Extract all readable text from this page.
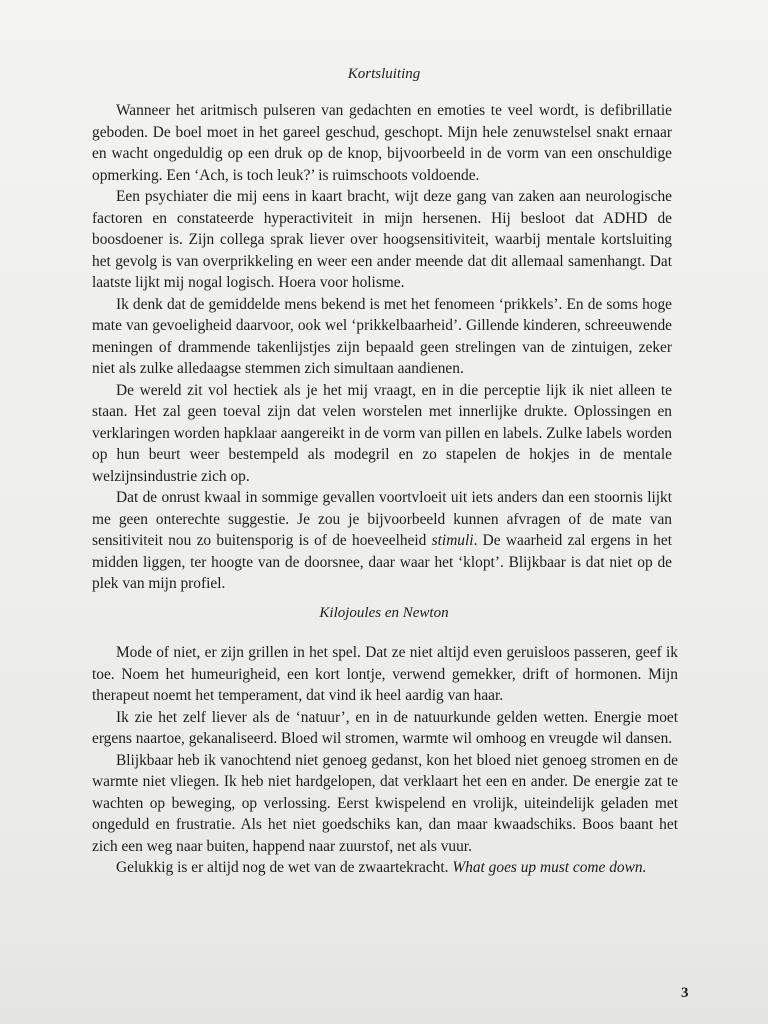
Kortsluiting

Wanneer het aritmisch pulseren van gedachten en emoties te veel wordt, is defibrillatie geboden. De boel moet in het gareel geschud, geschopt. Mijn hele zenuwstelsel snakt ernaar en wacht ongeduldig op een druk op de knop, bijvoorbeeld in de vorm van een onschuldige opmerking. Een ‘Ach, is toch leuk?’ is ruimschoots voldoende.

Een psychiater die mij eens in kaart bracht, wijt deze gang van zaken aan neurologische factoren en constateerde hyperactiviteit in mijn hersenen. Hij besloot dat ADHD de boosdoener is. Zijn collega sprak liever over hoogsensitiviteit, waarbij mentale kortsluiting het gevolg is van overprikkeling en weer een ander meende dat dit allemaal samenhangt. Dat laatste lijkt mij nogal logisch. Hoera voor holisme.

Ik denk dat de gemiddelde mens bekend is met het fenomeen ‘prikkels’. En de soms hoge mate van gevoeligheid daarvoor, ook wel ‘prikkelbaarheid’. Gillende kinderen, schreeuwende meningen of drammende takenlijstjes zijn bepaald geen strelingen van de zintuigen, zeker niet als zulke alledaagse stemmen zich simultaan aandienen.

De wereld zit vol hectiek als je het mij vraagt, en in die perceptie lijk ik niet alleen te staan. Het zal geen toeval zijn dat velen worstelen met innerlijke drukte. Oplossingen en verklaringen worden hapklaar aangereikt in de vorm van pillen en labels. Zulke labels worden op hun beurt weer bestempeld als modegril en zo stapelen de hokjes in de mentale welzijnsindustrie zich op.

Dat de onrust kwaal in sommige gevallen voortvloeit uit iets anders dan een stoornis lijkt me geen onterechte suggestie. Je zou je bijvoorbeeld kunnen afvragen of de mate van sensitiviteit nou zo buitensporig is of de hoeveelheid stimuli. De waarheid zal ergens in het midden liggen, ter hoogte van de doorsnee, daar waar het ‘klopt’. Blijkbaar is dat niet op de plek van mijn profiel.

Kilojoules en Newton

Mode of niet, er zijn grillen in het spel. Dat ze niet altijd even geruisloos passeren, geef ik toe. Noem het humeurigheid, een kort lontje, verwend gemekker, drift of hormonen. Mijn therapeut noemt het temperament, dat vind ik heel aardig van haar.

Ik zie het zelf liever als de ‘natuur’, en in de natuurkunde gelden wetten. Energie moet ergens naartoe, gekanaliseerd. Bloed wil stromen, warmte wil omhoog en vreugde wil dansen.

Blijkbaar heb ik vanochtend niet genoeg gedanst, kon het bloed niet genoeg stromen en de warmte niet vliegen. Ik heb niet hardgelopen, dat verklaart het een en ander. De energie zat te wachten op beweging, op verlossing. Eerst kwispelend en vrolijk, uiteindelijk geladen met ongeduld en frustratie. Als het niet goedschiks kan, dan maar kwaadschiks. Boos baant het zich een weg naar buiten, happend naar zuurstof, net als vuur.

Gelukkig is er altijd nog de wet van de zwaartekracht. What goes up must come down.

3
